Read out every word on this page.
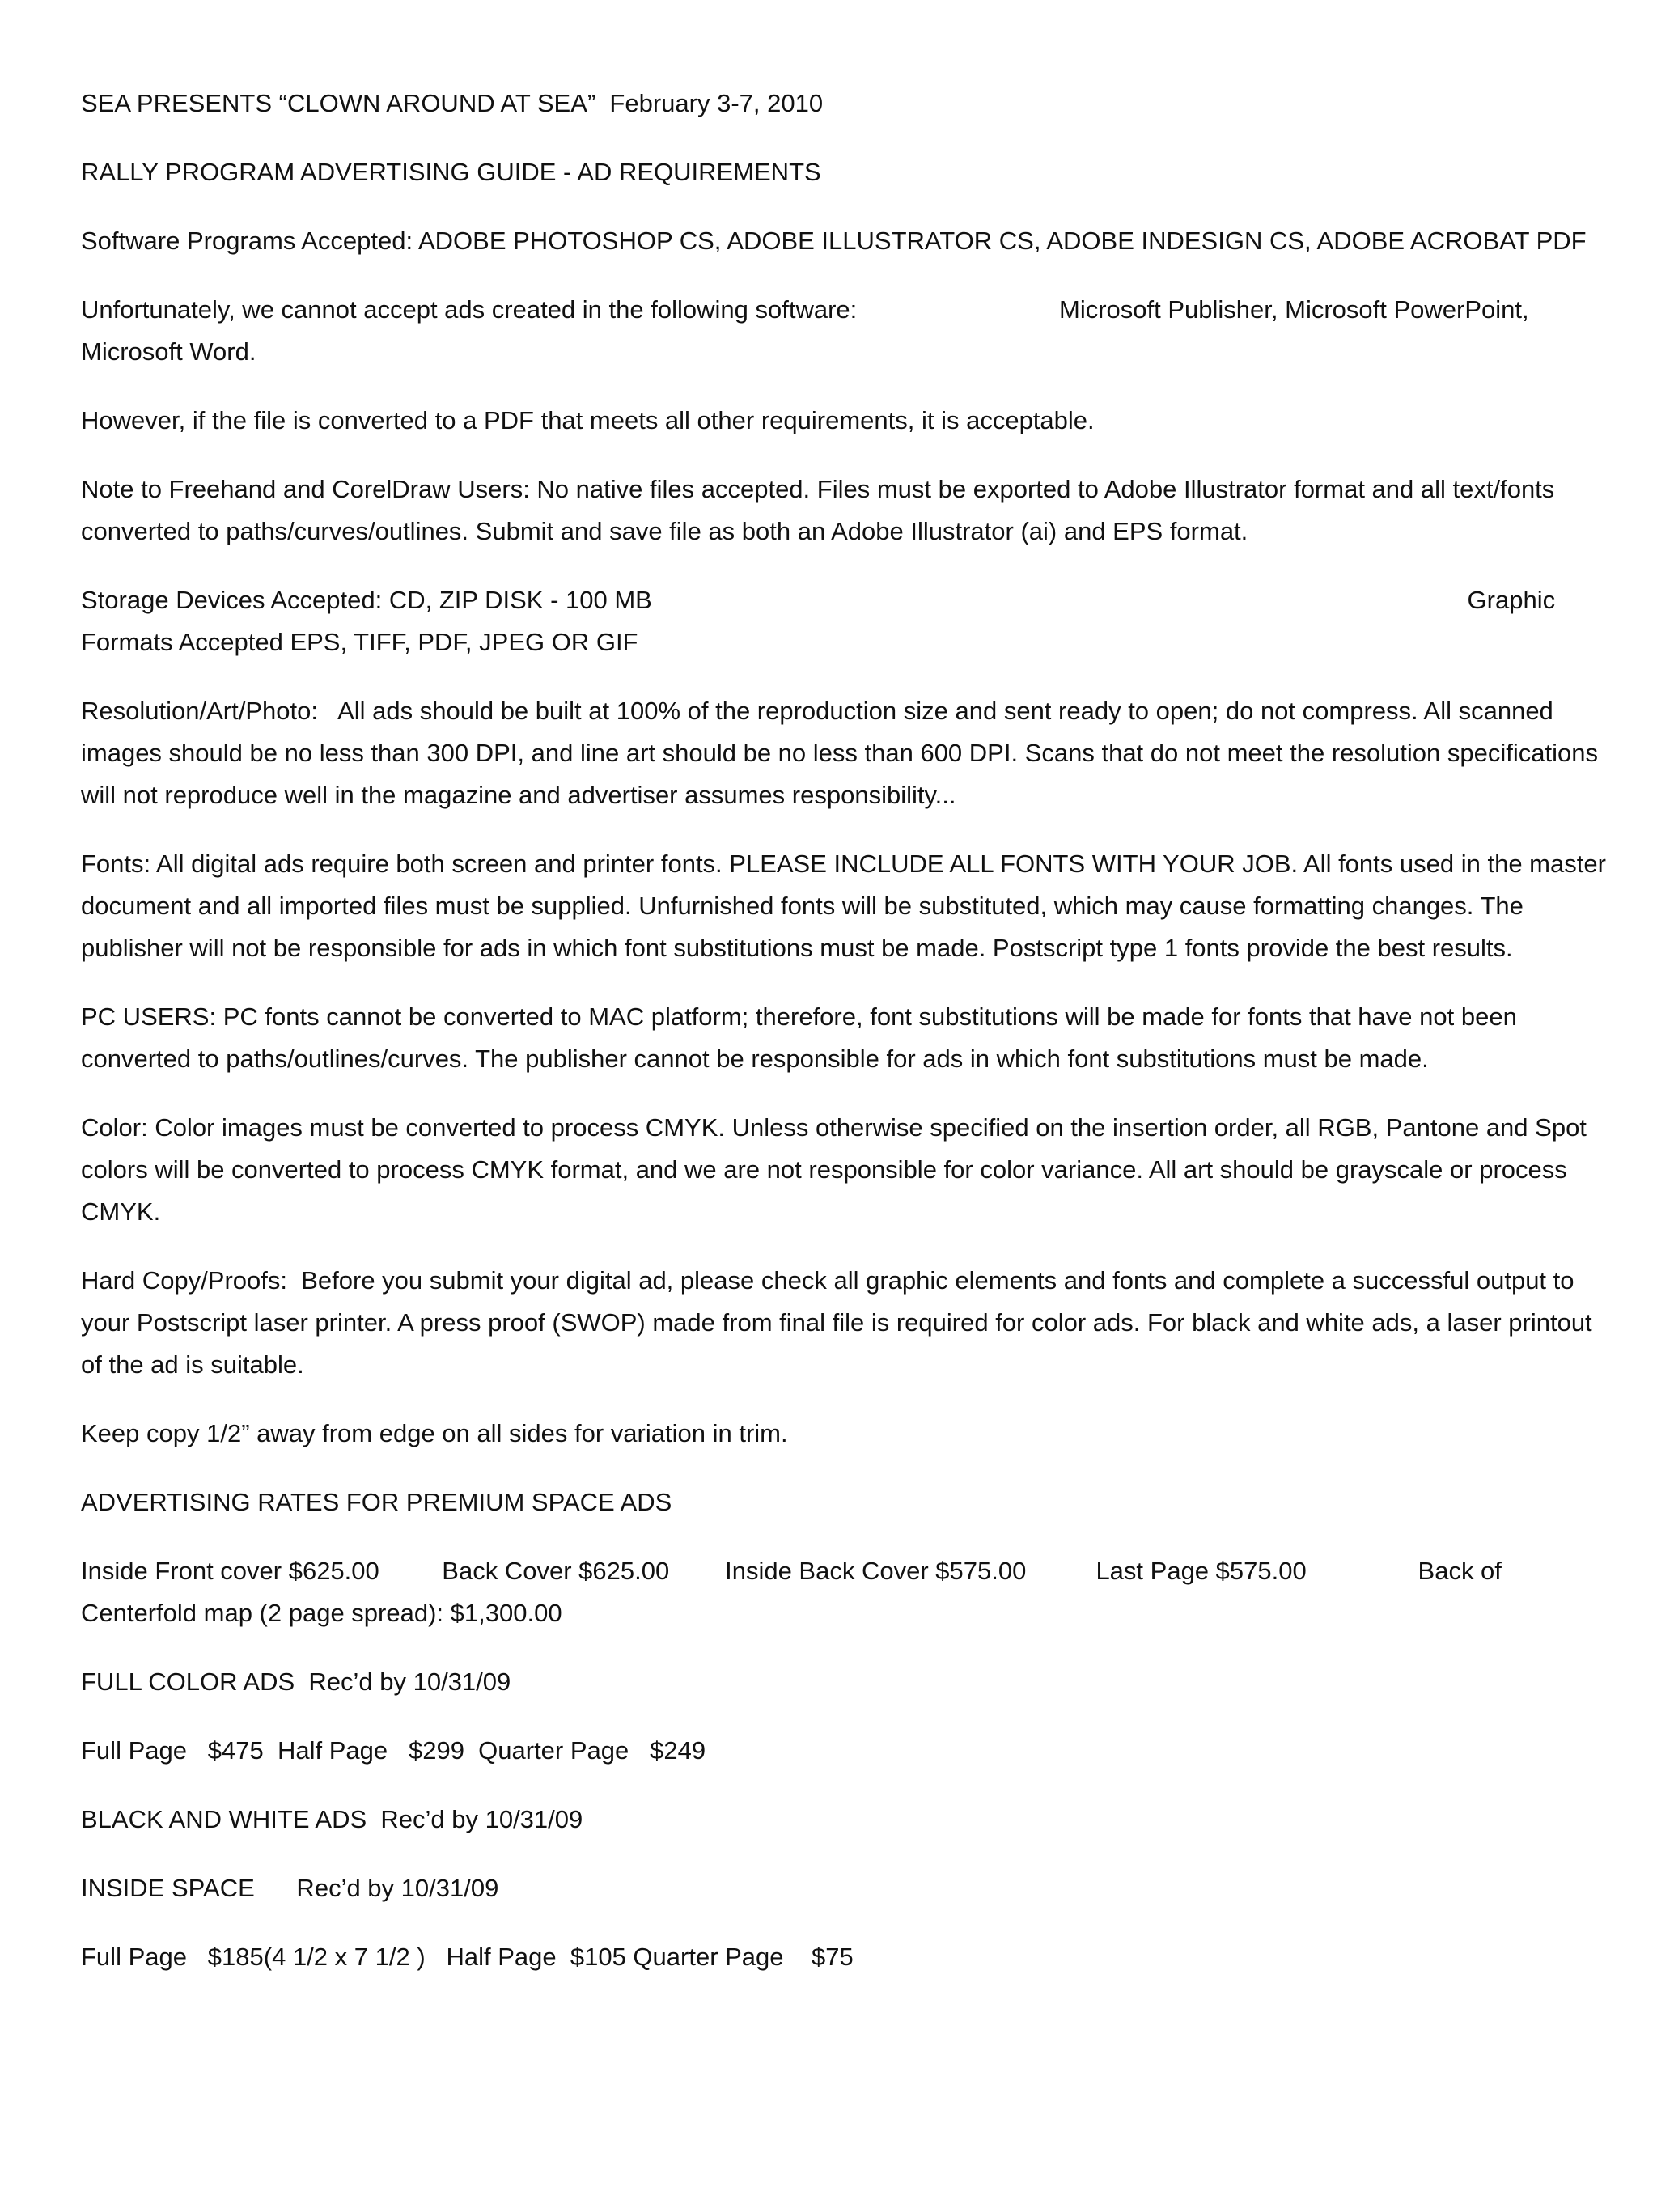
SEA PRESENTS “CLOWN AROUND AT SEA”  February 3-7, 2010

RALLY PROGRAM ADVERTISING GUIDE - AD REQUIREMENTS

Software Programs Accepted: ADOBE PHOTOSHOP CS, ADOBE ILLUSTRATOR CS, ADOBE INDESIGN CS, ADOBE ACROBAT PDF

Unfortunately, we cannot accept ads created in the following software:                             Microsoft Publisher, Microsoft PowerPoint, Microsoft Word.

However, if the file is converted to a PDF that meets all other requirements, it is acceptable.

Note to Freehand and CorelDraw Users: No native files accepted. Files must be exported to Adobe Illustrator format and all text/fonts converted to paths/curves/outlines. Submit and save file as both an Adobe Illustrator (ai) and EPS format.

Storage Devices Accepted: CD, ZIP DISK - 100 MB                                                                                                                     Graphic Formats Accepted EPS, TIFF, PDF, JPEG OR GIF

Resolution/Art/Photo:   All ads should be built at 100% of the reproduction size and sent ready to open; do not compress. All scanned images should be no less than 300 DPI, and line art should be no less than 600 DPI. Scans that do not meet the resolution specifications will not reproduce well in the magazine and advertiser assumes responsibility...

Fonts: All digital ads require both screen and printer fonts. PLEASE INCLUDE ALL FONTS WITH YOUR JOB. All fonts used in the master document and all imported files must be supplied. Unfurnished fonts will be substituted, which may cause formatting changes. The publisher will not be responsible for ads in which font substitutions must be made. Postscript type 1 fonts provide the best results.

PC USERS: PC fonts cannot be converted to MAC platform; therefore, font substitutions will be made for fonts that have not been converted to paths/outlines/curves. The publisher cannot be responsible for ads in which font substitutions must be made.

Color: Color images must be converted to process CMYK. Unless otherwise specified on the insertion order, all RGB, Pantone and Spot colors will be converted to process CMYK format, and we are not responsible for color variance. All art should be grayscale or process CMYK.

Hard Copy/Proofs:  Before you submit your digital ad, please check all graphic elements and fonts and complete a successful output to your Postscript laser printer. A press proof (SWOP) made from final file is required for color ads. For black and white ads, a laser printout of the ad is suitable.

Keep copy 1/2” away from edge on all sides for variation in trim.

ADVERTISING RATES FOR PREMIUM SPACE ADS

Inside Front cover $625.00         Back Cover $625.00        Inside Back Cover $575.00          Last Page $575.00                Back of Centerfold map (2 page spread): $1,300.00

FULL COLOR ADS  Rec’d by 10/31/09

Full Page   $475  Half Page   $299  Quarter Page   $249

BLACK AND WHITE ADS  Rec’d by 10/31/09

INSIDE SPACE      Rec’d by 10/31/09

Full Page   $185(4 1/2 x 7 1/2 )   Half Page  $105 Quarter Page    $75
